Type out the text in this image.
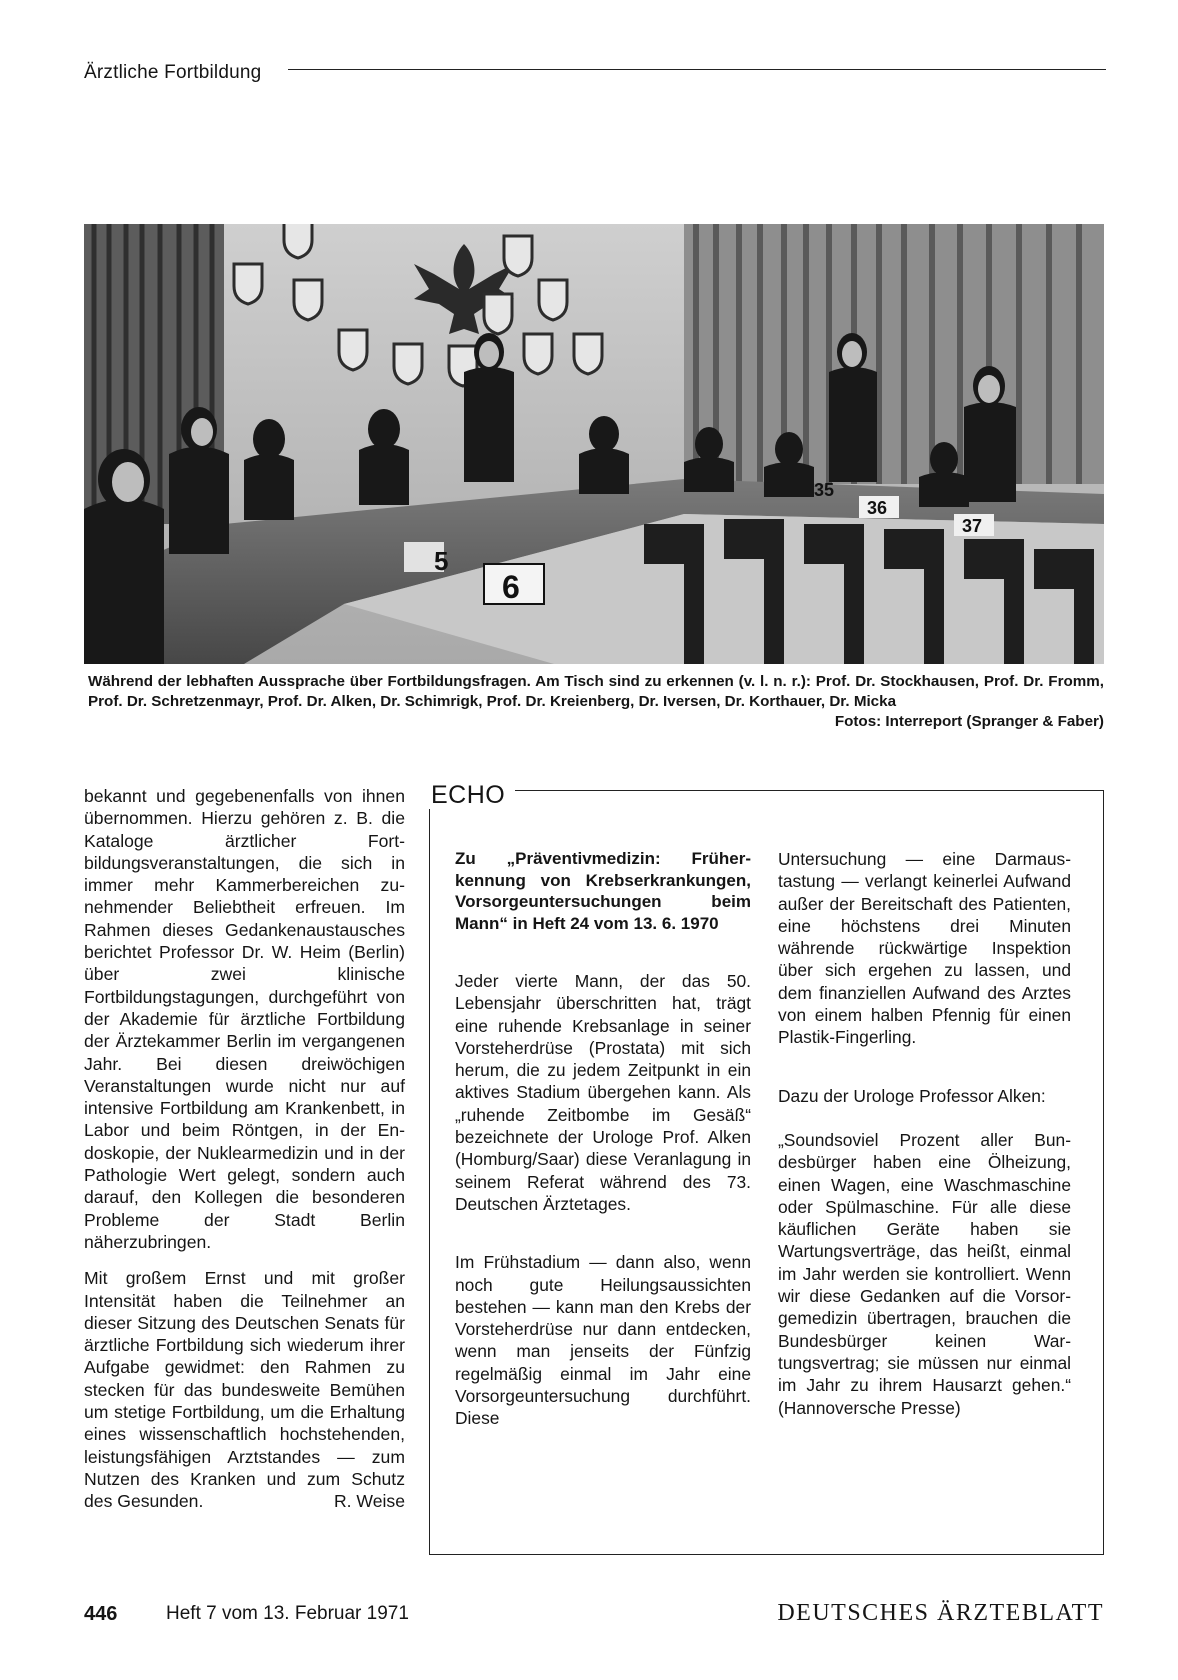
Ärztliche Fortbildung
6
5
35
36
37
Während der lebhaften Aussprache über Fortbildungsfragen. Am Tisch sind zu erkennen (v. l. n. r.): Prof. Dr. Stockhausen, Prof. Dr. Fromm, Prof. Dr. Schretzenmayr, Prof. Dr. Alken, Dr. Schimrigk, Prof. Dr. Kreienberg, Dr. Iversen, Dr. Korthauer, Dr. Micka
Fotos: Interreport (Spranger & Faber)

bekannt und gegebenenfalls von ihnen übernommen. Hierzu gehören z. B. die Kataloge ärztlicher Fortbildungsveranstaltungen, die sich in immer mehr Kammerbereichen zunehmender Beliebtheit erfreuen. Im Rahmen dieses Gedankenaustausches berichtet Professor Dr. W. Heim (Berlin) über zwei klinische Fortbildungstagungen, durchgeführt von der Akademie für ärztliche Fortbildung der Ärztekammer Berlin im vergangenen Jahr. Bei diesen dreiwöchigen Veranstaltungen wurde nicht nur auf intensive Fortbildung am Krankenbett, in Labor und beim Röntgen, in der Endoskopie, der Nuklearmedizin und in der Pathologie Wert gelegt, sondern auch darauf, den Kollegen die besonderen Probleme der Stadt Berlin näherzubringen.

Mit großem Ernst und mit großer Intensität haben die Teilnehmer an dieser Sitzung des Deutschen Senats für ärztliche Fortbildung sich wiederum ihrer Aufgabe gewidmet: den Rahmen zu stecken für das bundesweite Bemühen um stetige Fortbildung, um die Erhaltung eines wissenschaftlich hochstehenden, leistungsfähigen Arztstandes — zum Nutzen des Kranken und zum Schutz des Gesunden.	R. Weise

ECHO

Zu „Präventivmedizin: Früherkennung von Krebserkrankungen, Vorsorgeuntersuchungen beim Mann“ in Heft 24 vom 13. 6. 1970

Jeder vierte Mann, der das 50. Lebensjahr überschritten hat, trägt eine ruhende Krebsanlage in seiner Vorsteherdrüse (Prostata) mit sich herum, die zu jedem Zeitpunkt in ein aktives Stadium übergehen kann. Als „ruhende Zeitbombe im Gesäß“ bezeichnete der Urologe Prof. Alken (Homburg/Saar) diese Veranlagung in seinem Referat während des 73. Deutschen Ärztetages.

Im Frühstadium — dann also, wenn noch gute Heilungsaussichten bestehen — kann man den Krebs der Vorsteherdrüse nur dann entdecken, wenn man jenseits der Fünfzig regelmäßig einmal im Jahr eine Vorsorgeuntersuchung durchführt. Diese

Untersuchung — eine Darmaustastung — verlangt keinerlei Aufwand außer der Bereitschaft des Patienten, eine höchstens drei Minuten währende rückwärtige Inspektion über sich ergehen zu lassen, und dem finanziellen Aufwand des Arztes von einem halben Pfennig für einen Plastik-Fingerling.

Dazu der Urologe Professor Alken:

„Soundsoviel Prozent aller Bundesbürger haben eine Ölheizung, einen Wagen, eine Waschmaschine oder Spülmaschine. Für alle diese käuflichen Geräte haben sie Wartungsverträge, das heißt, einmal im Jahr werden sie kontrolliert. Wenn wir diese Gedanken auf die Vorsorgemedizin übertragen, brauchen die Bundesbürger keinen Wartungsvertrag; sie müssen nur einmal im Jahr zu ihrem Hausarzt gehen.“ (Hannoversche Presse)

446	Heft 7 vom 13. Februar 1971	DEUTSCHES ÄRZTEBLATT
